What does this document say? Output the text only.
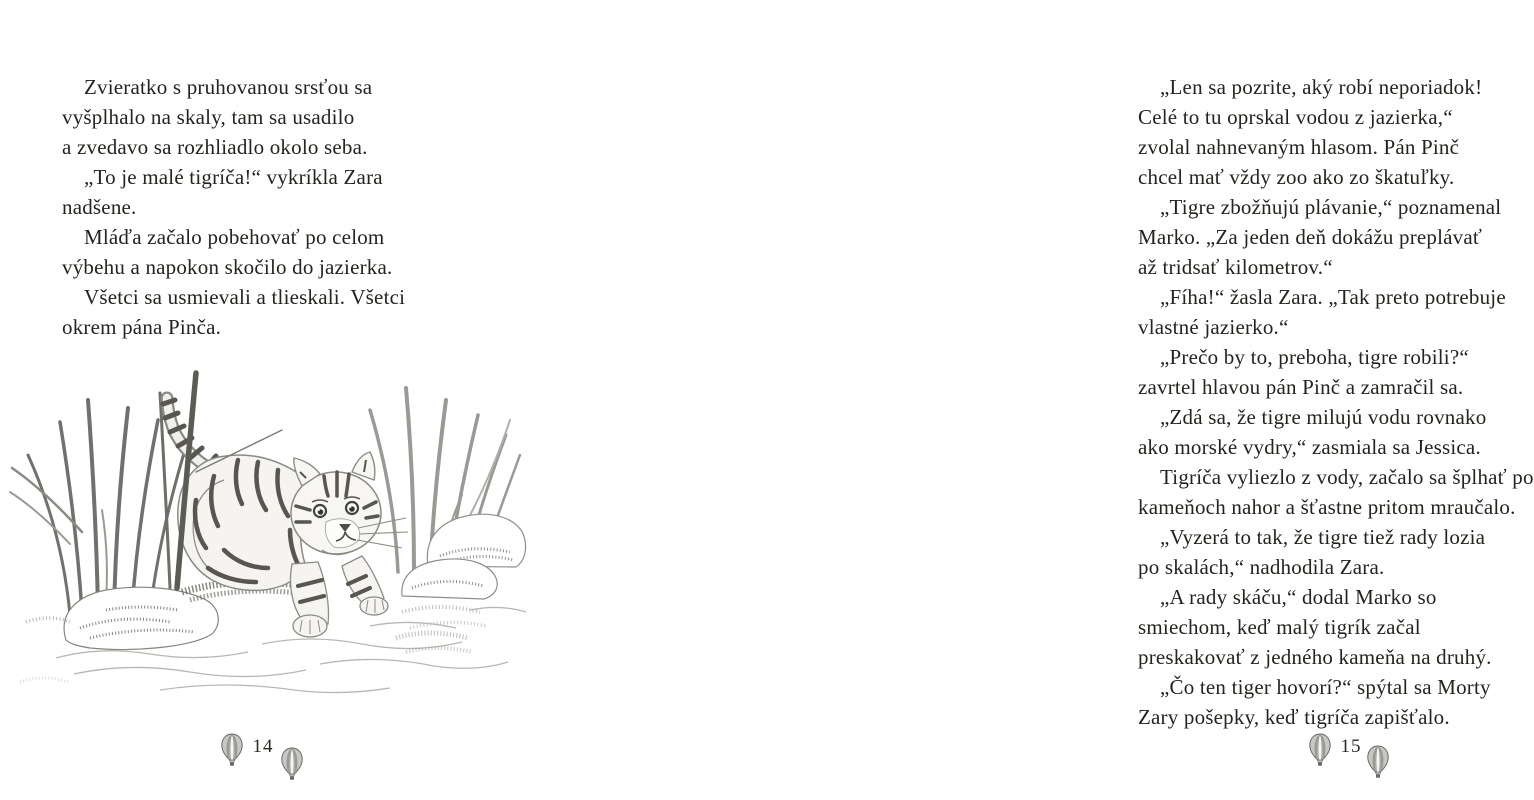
Zvieratko s pruhovanou srsťou sa
vyšplhalo na skaly, tam sa usadilo
a zvedavo sa rozhliadlo okolo seba.
„To je malé tigríča!“ vykríkla Zara
nadšene.
Mláďa začalo pobehovať po celom
výbehu a napokon skočilo do jazierka.
Všetci sa usmievali a tlieskali. Všetci
okrem pána Pinča.
14
„Len sa pozrite, aký robí neporiadok!
Celé to tu oprskal vodou z jazierka,“
zvolal nahnevaným hlasom. Pán Pinč
chcel mať vždy zoo ako zo škatuľky.
„Tigre zbožňujú plávanie,“ poznamenal
Marko. „Za jeden deň dokážu preplávať
až tridsať kilometrov.“
„Fíha!“ žasla Zara. „Tak preto potrebuje
vlastné jazierko.“
„Prečo by to, preboha, tigre robili?“
zavrtel hlavou pán Pinč a zamračil sa.
„Zdá sa, že tigre milujú vodu rovnako
ako morské vydry,“ zasmiala sa Jessica.
Tigríča vyliezlo z vody, začalo sa šplhať po
kameňoch nahor a šťastne pritom mraučalo.
„Vyzerá to tak, že tigre tiež rady lozia
po skalách,“ nadhodila Zara.
„A rady skáču,“ dodal Marko so
smiechom, keď malý tigrík začal
preskakovať z jedného kameňa na druhý.
„Čo ten tiger hovorí?“ spýtal sa Morty
Zary pošepky, keď tigríča zapišťalo.
15
